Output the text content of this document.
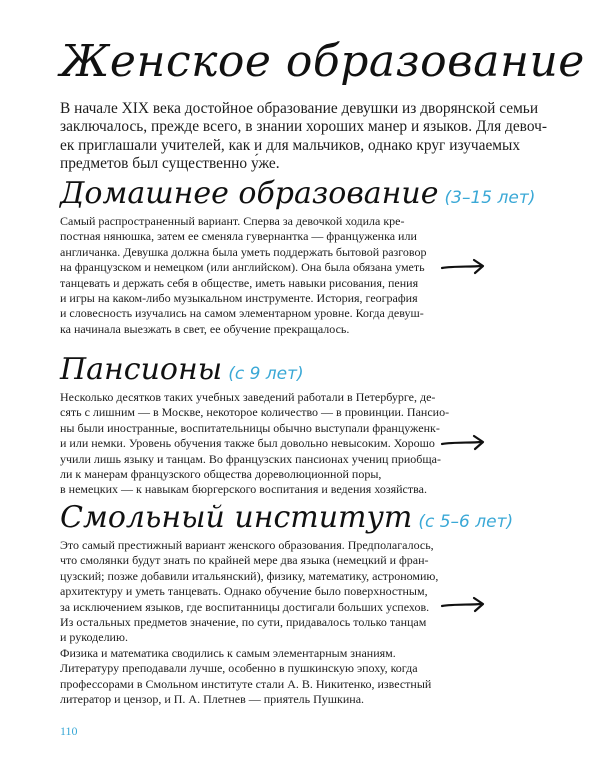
Женское образование
В начале XIX века достойное образование девушки из дворянской семьи
заключалось, прежде всего, в знании хороших манер и языков. Для девоч-
ек приглашали учителей, как и для мальчиков, однако круг изучаемых
предметов был существенно у́же.
Домашнее образование (3–15 лет)
Самый распространенный вариант. Сперва за девочкой ходила кре-
постная нянюшка, затем ее сменяла гувернантка — француженка или
англичанка. Девушка должна была уметь поддержать бытовой разговор
на французском и немецком (или английском). Она была обязана уметь
танцевать и держать себя в обществе, иметь навыки рисования, пения
и игры на каком-либо музыкальном инструменте. История, география
и словесность изучались на самом элементарном уровне. Когда девуш-
ка начинала выезжать в свет, ее обучение прекращалось.
Пансионы (с 9 лет)
Несколько десятков таких учебных заведений работали в Петербурге, де-
сять с лишним — в Москве, некоторое количество — в провинции. Пансио-
ны были иностранные, воспитательницы обычно выступали француженк-
и или немки. Уровень обучения также был довольно невысоким. Хорошо
учили лишь языку и танцам. Во французских пансионах учениц приобща-
ли к манерам французского общества дореволюционной поры,
в немецких — к навыкам бюргерского воспитания и ведения хозяйства.
Смольный институт (с 5–6 лет)
Это самый престижный вариант женского образования. Предполагалось,
что смолянки будут знать по крайней мере два языка (немецкий и фран-
цузский; позже добавили итальянский), физику, математику, астрономию,
архитектуру и уметь танцевать. Однако обучение было поверхностным,
за исключением языков, где воспитанницы достигали больших успехов.
Из остальных предметов значение, по сути, придавалось только танцам
и рукоделию.
Физика и математика сводились к самым элементарным знаниям.
Литературу преподавали лучше, особенно в пушкинскую эпоху, когда
профессорами в Смольном институте стали А. В. Никитенко, известный
литератор и цензор, и П. А. Плетнев — приятель Пушкина.
110
